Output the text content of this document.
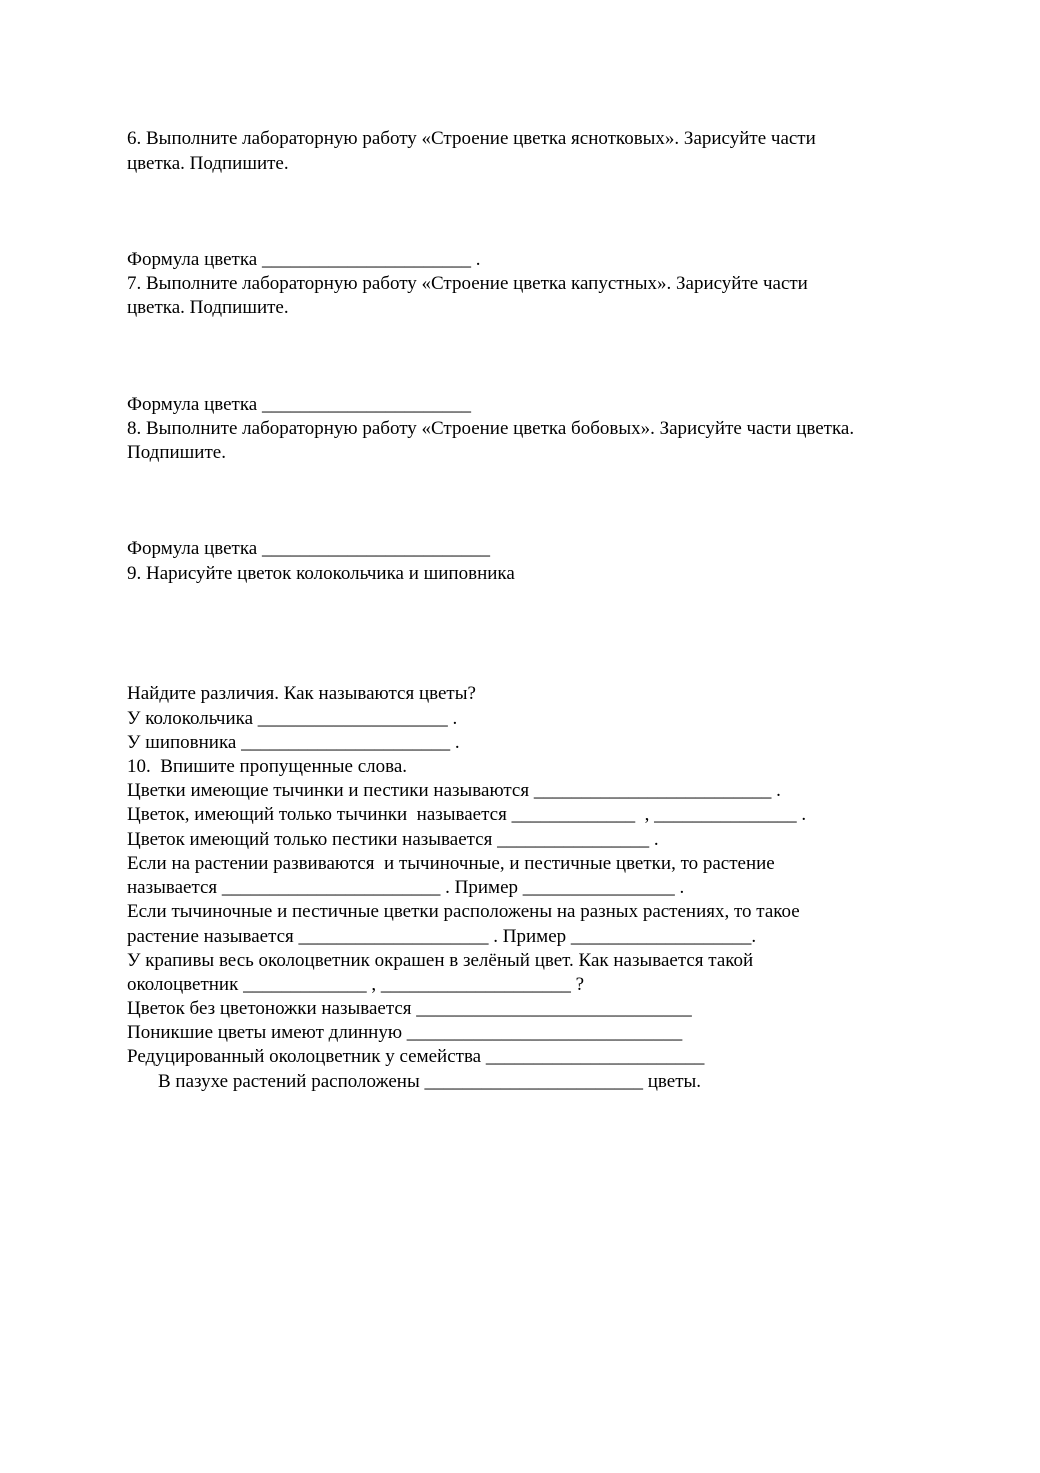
6. Выполните лабораторную работу «Строение цветка яснотковых». Зарисуйте части
цветка. Подпишите.
Формула цветка ______________________ .
7. Выполните лабораторную работу «Строение цветка капустных». Зарисуйте части
цветка. Подпишите.
Формула цветка ______________________
8. Выполните лабораторную работу «Строение цветка бобовых». Зарисуйте части цветка.
Подпишите.
Формула цветка ________________________
9. Нарисуйте цветок колокольчика и шиповника
Найдите различия. Как называются цветы?
У колокольчика ____________________ .
У шиповника ______________________ .
10.  Впишите пропущенные слова.
Цветки имеющие тычинки и пестики называются _________________________ .
Цветок, имеющий только тычинки  называется _____________  , _______________ .
Цветок имеющий только пестики называется ________________ .
Если на растении развиваются  и тычиночные, и пестичные цветки, то растение
называется _______________________ . Пример ________________ .
Если тычиночные и пестичные цветки расположены на разных растениях, то такое
растение называется ____________________ . Пример ___________________.
У крапивы весь околоцветник окрашен в зелёный цвет. Как называется такой
околоцветник _____________ , ____________________ ?
Цветок без цветоножки называется _____________________________
Поникшие цветы имеют длинную _____________________________
Редуцированный околоцветник у семейства _______________________
В пазухе растений расположены _______________________ цветы.
